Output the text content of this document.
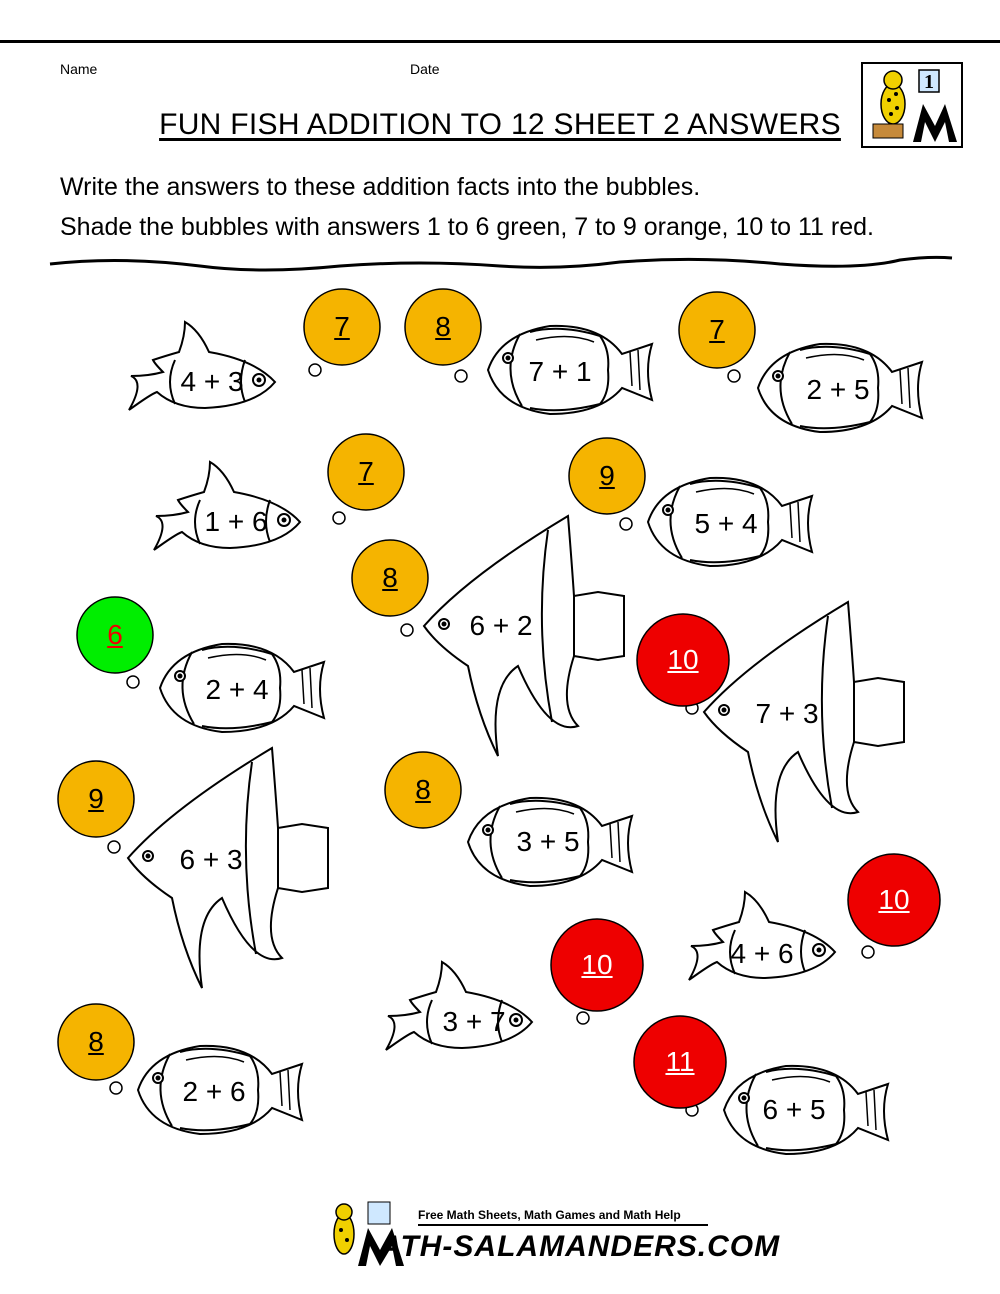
Name	Date
1
FUN FISH ADDITION TO 12 SHEET 2 ANSWERS
Write the answers to these addition facts into the bubbles.
Shade the bubbles with answers 1 to 6 green, 7 to 9 orange, 10 to 11 red.
4 + 3	7 + 1
2 + 5
1 + 6	5 + 4
6 + 2
2 + 4
7 + 3
6 + 3
3 + 5
4 + 6
3 + 7
2 + 6
6 + 5
7	8	7
7	9
8
6
10
9	8
10
10
8
11
Free Math Sheets, Math Games and Math Help
ATH-SALAMANDERS.COM
